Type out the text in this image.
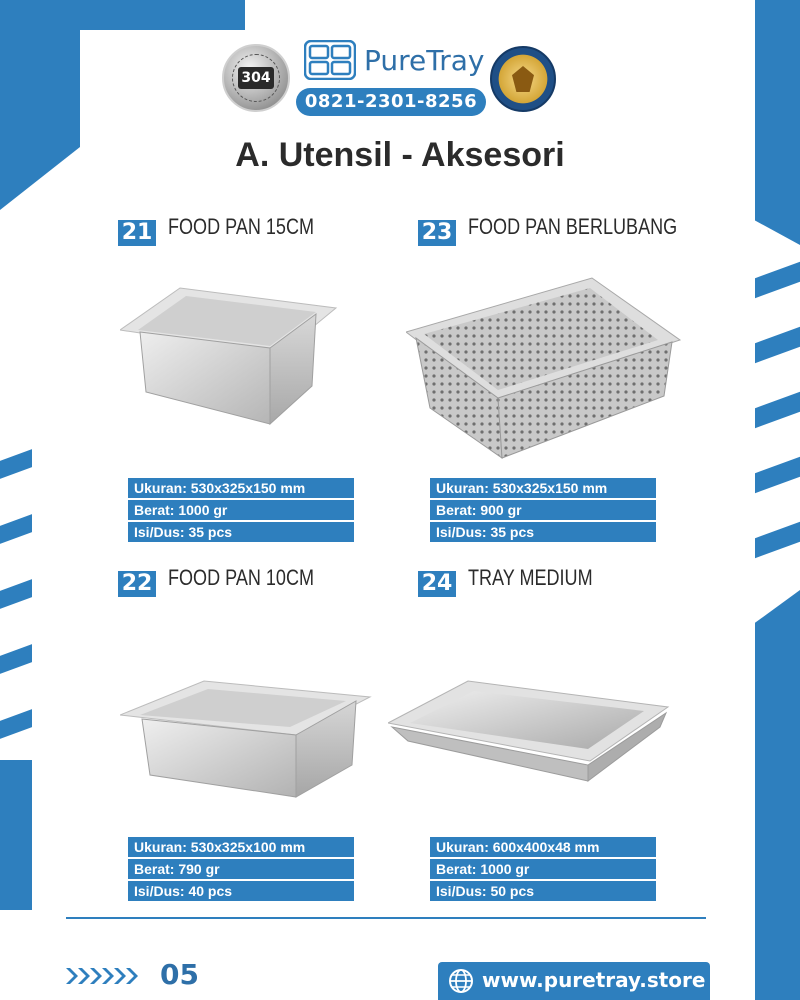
304
PureTray
0821-2301-8256
A. Utensil - Aksesori
21 FOOD PAN 15CM
Ukuran: 530x325x150 mm
Berat: 1000 gr
Isi/Dus: 35 pcs
23 FOOD PAN BERLUBANG
Ukuran: 530x325x150 mm
Berat: 900 gr
Isi/Dus: 35 pcs
22 FOOD PAN 10CM
Ukuran: 530x325x100 mm
Berat: 790 gr
Isi/Dus: 40 pcs
24 TRAY MEDIUM
Ukuran: 600x400x48 mm
Berat: 1000 gr
Isi/Dus: 50 pcs
05	www.puretray.store
